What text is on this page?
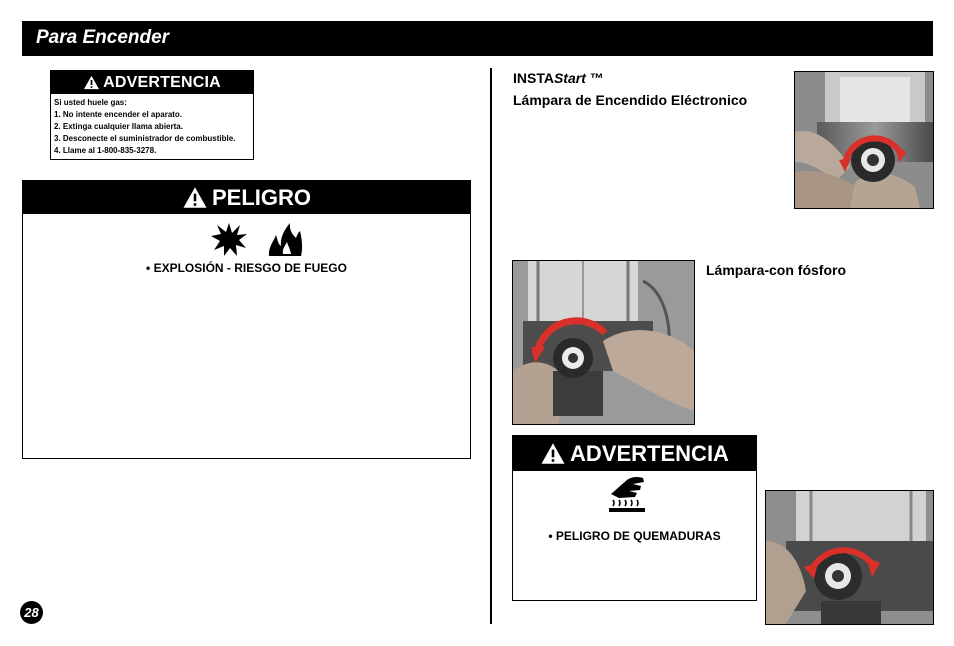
Para Encender
ADVERTENCIA
Si usted huele gas:
1. No intente encender el aparato.
2. Extinga cualquier llama abierta.
3. Desconecte el suministrador de combustible.
4. Llame al 1-800-835-3278.
PELIGRO
• EXPLOSIÓN - RIESGO DE FUEGO
INSTAStart ™
Lámpara de Encendido Eléctronico
Lámpara-con fósforo
ADVERTENCIA
• PELIGRO DE QUEMADURAS
28
